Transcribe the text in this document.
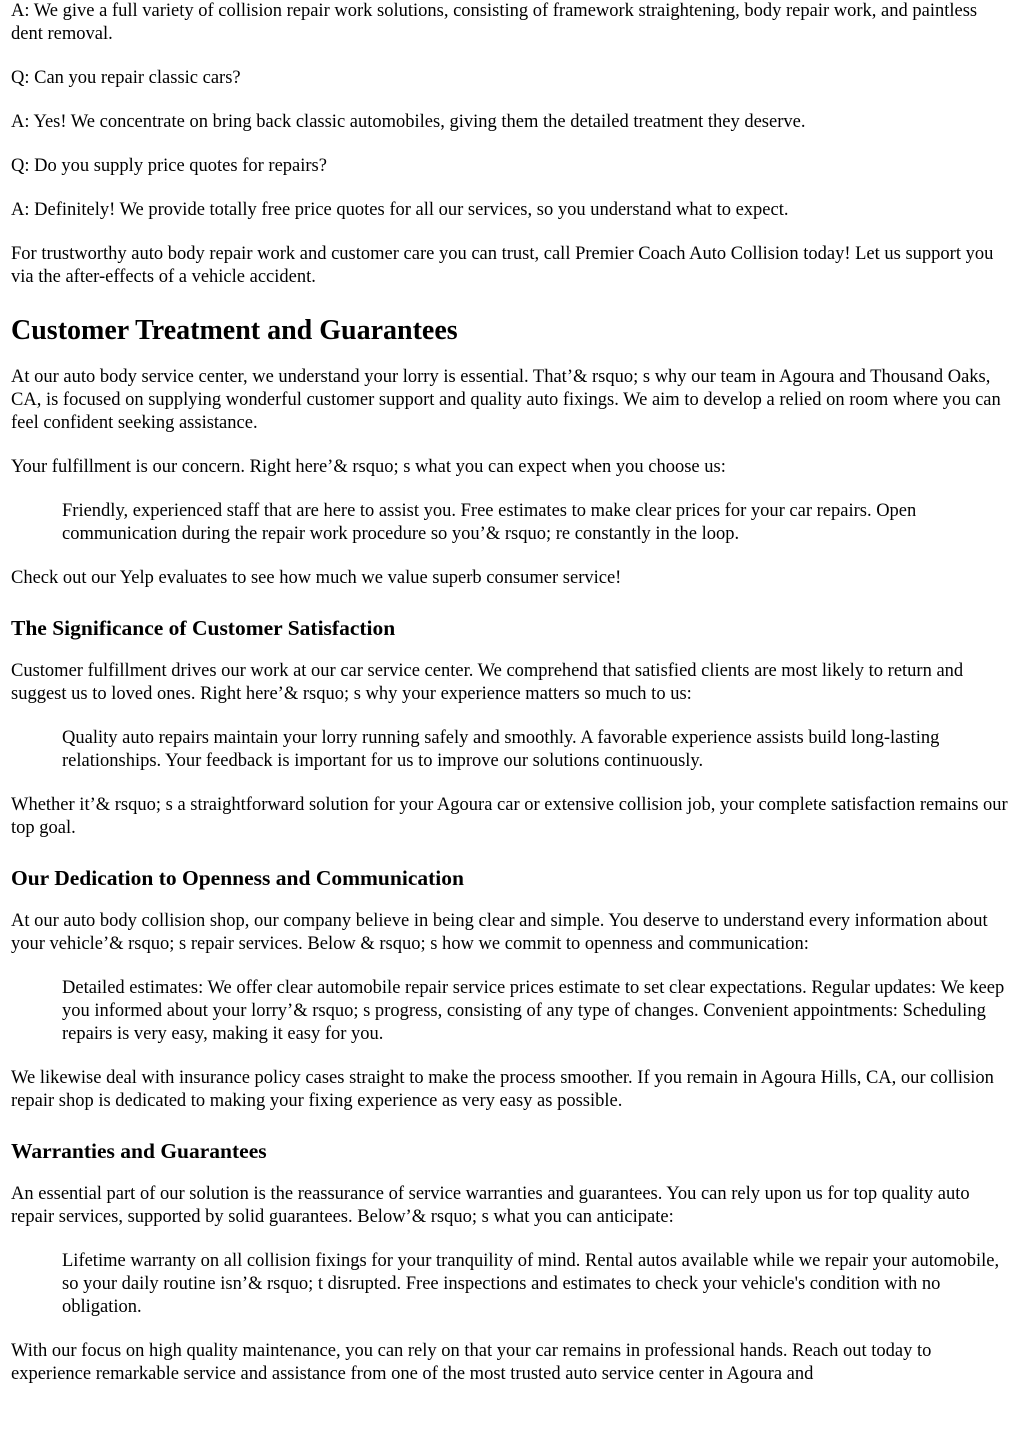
A: We give a full variety of collision repair work solutions, consisting of framework straightening, body repair work, and paintless dent removal.

Q: Can you repair classic cars?

A: Yes! We concentrate on bring back classic automobiles, giving them the detailed treatment they deserve.

Q: Do you supply price quotes for repairs?

A: Definitely! We provide totally free price quotes for all our services, so you understand what to expect.

For trustworthy auto body repair work and customer care you can trust, call Premier Coach Auto Collision today! Let us support you via the after-effects of a vehicle accident.

Customer Treatment and Guarantees

At our auto body service center, we understand your lorry is essential. That’& rsquo; s why our team in Agoura and Thousand Oaks, CA, is focused on supplying wonderful customer support and quality auto fixings. We aim to develop a relied on room where you can feel confident seeking assistance.

Your fulfillment is our concern. Right here’& rsquo; s what you can expect when you choose us:

Friendly, experienced staff that are here to assist you. Free estimates to make clear prices for your car repairs. Open communication during the repair work procedure so you’& rsquo; re constantly in the loop.

Check out our Yelp evaluates to see how much we value superb consumer service!

The Significance of Customer Satisfaction

Customer fulfillment drives our work at our car service center. We comprehend that satisfied clients are most likely to return and suggest us to loved ones. Right here’& rsquo; s why your experience matters so much to us:

Quality auto repairs maintain your lorry running safely and smoothly. A favorable experience assists build long-lasting relationships. Your feedback is important for us to improve our solutions continuously.

Whether it’& rsquo; s a straightforward solution for your Agoura car or extensive collision job, your complete satisfaction remains our top goal.

Our Dedication to Openness and Communication

At our auto body collision shop, our company believe in being clear and simple. You deserve to understand every information about your vehicle’& rsquo; s repair services. Below & rsquo; s how we commit to openness and communication:

Detailed estimates: We offer clear automobile repair service prices estimate to set clear expectations. Regular updates: We keep you informed about your lorry’& rsquo; s progress, consisting of any type of changes. Convenient appointments: Scheduling repairs is very easy, making it easy for you.

We likewise deal with insurance policy cases straight to make the process smoother. If you remain in Agoura Hills, CA, our collision repair shop is dedicated to making your fixing experience as very easy as possible.

Warranties and Guarantees

An essential part of our solution is the reassurance of service warranties and guarantees. You can rely upon us for top quality auto repair services, supported by solid guarantees. Below’& rsquo; s what you can anticipate:

Lifetime warranty on all collision fixings for your tranquility of mind. Rental autos available while we repair your automobile, so your daily routine isn’& rsquo; t disrupted. Free inspections and estimates to check your vehicle's condition with no obligation.

With our focus on high quality maintenance, you can rely on that your car remains in professional hands. Reach out today to experience remarkable service and assistance from one of the most trusted auto service center in Agoura and
